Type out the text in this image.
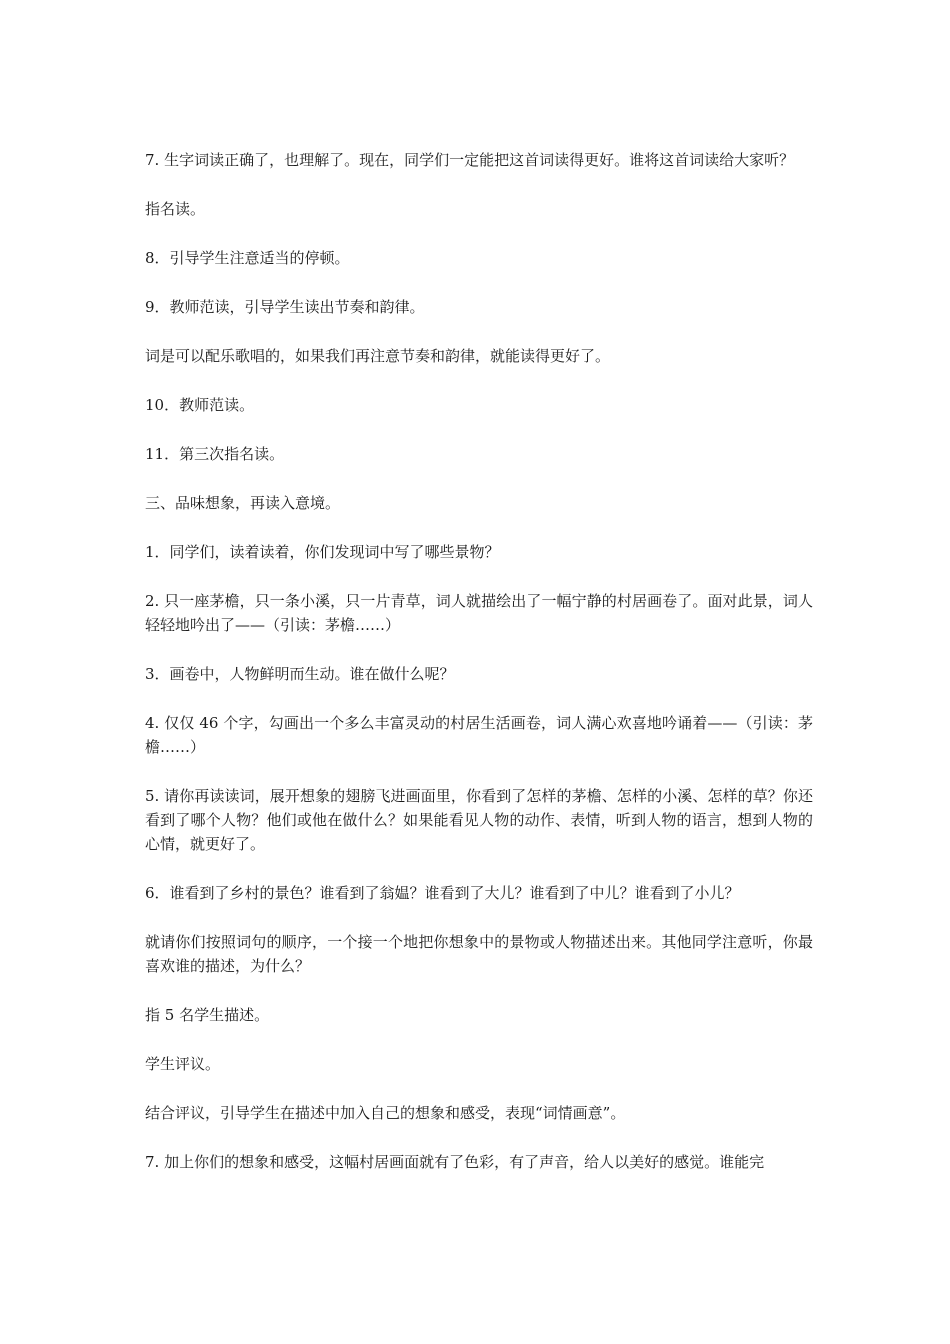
7. 生字词读正确了，也理解了。现在，同学们一定能把这首词读得更好。谁将这首词读给大家听？

指名读。

8．引导学生注意适当的停顿。

9．教师范读，引导学生读出节奏和韵律。

词是可以配乐歌唱的，如果我们再注意节奏和韵律，就能读得更好了。

10．教师范读。

11．第三次指名读。

三、品味想象，再读入意境。

1．同学们，读着读着，你们发现词中写了哪些景物？

2. 只一座茅檐，只一条小溪，只一片青草，词人就描绘出了一幅宁静的村居画卷了。面对此景，词人轻轻地吟出了——（引读：茅檐……）

3．画卷中，人物鲜明而生动。谁在做什么呢？

4. 仅仅 46 个字，勾画出一个多么丰富灵动的村居生活画卷，词人满心欢喜地吟诵着——（引读：茅檐……）

5. 请你再读读词，展开想象的翅膀飞进画面里，你看到了怎样的茅檐、怎样的小溪、怎样的草？你还看到了哪个人物？他们或他在做什么？如果能看见人物的动作、表情，听到人物的语言，想到人物的心情，就更好了。

6．谁看到了乡村的景色？谁看到了翁媪？谁看到了大儿？谁看到了中儿？谁看到了小儿？

就请你们按照词句的顺序，一个接一个地把你想象中的景物或人物描述出来。其他同学注意听，你最喜欢谁的描述，为什么？

指 5 名学生描述。

学生评议。

结合评议，引导学生在描述中加入自己的想象和感受，表现“词情画意”。

7. 加上你们的想象和感受，这幅村居画面就有了色彩，有了声音，给人以美好的感觉。谁能完
